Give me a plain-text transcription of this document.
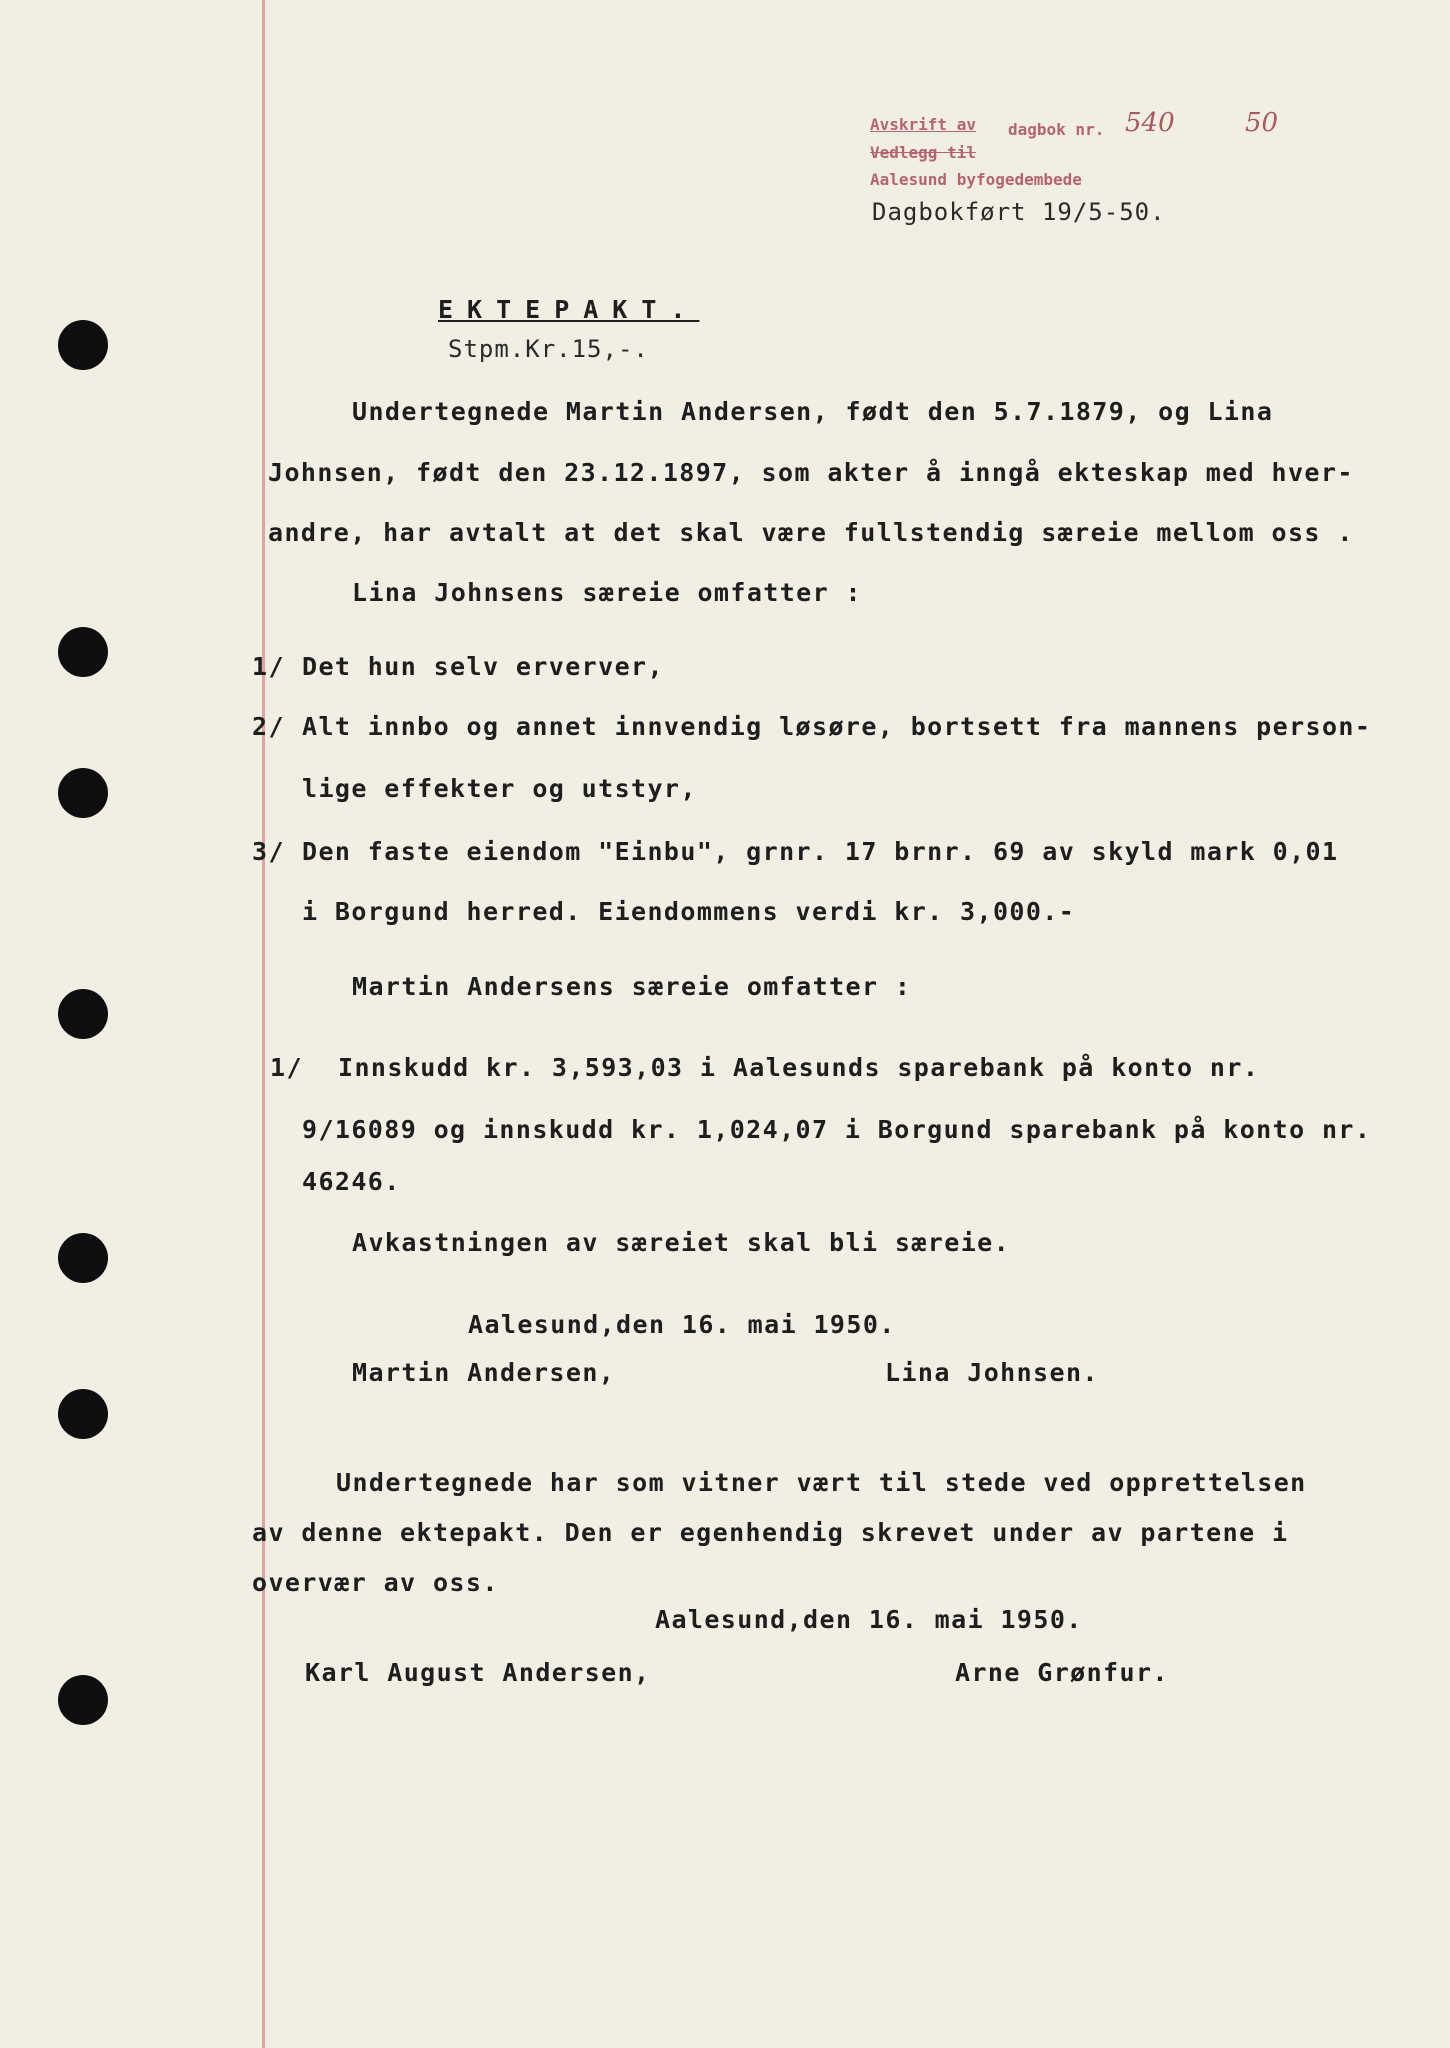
Avskrift av dagbok nr. 540	50
Vedlegg til
Aalesund byfogedembede
Dagbokført 19/5-50.
EKTEPAKT.
Stpm.Kr.15,-.
Undertegnede Martin Andersen, født den 5.7.1879, og Lina
Johnsen, født den 23.12.1897, som akter å inngå ekteskap med hver-
andre, har avtalt at det skal være fullstendig særeie mellom oss .
Lina Johnsens særeie omfatter :
1/ Det hun selv erverver,
2/ Alt innbo og annet innvendig løsøre, bortsett fra mannens person-
lige effekter og utstyr,
3/ Den faste eiendom "Einbu", grnr. 17 brnr. 69 av skyld mark 0,01
i Borgund herred. Eiendommens verdi kr. 3,000.-
Martin Andersens særeie omfatter :
1/ Innskudd kr. 3,593,03 i Aalesunds sparebank på konto nr.
9/16089 og innskudd kr. 1,024,07 i Borgund sparebank på konto nr.
46246.
Avkastningen av særeiet skal bli særeie.
Aalesund,den 16. mai 1950.
Martin Andersen,	Lina Johnsen.
Undertegnede har som vitner vært til stede ved opprettelsen
av denne ektepakt. Den er egenhendig skrevet under av partene i
overvær av oss.
Aalesund,den 16. mai 1950.
Karl August Andersen,	Arne Grønfur.
